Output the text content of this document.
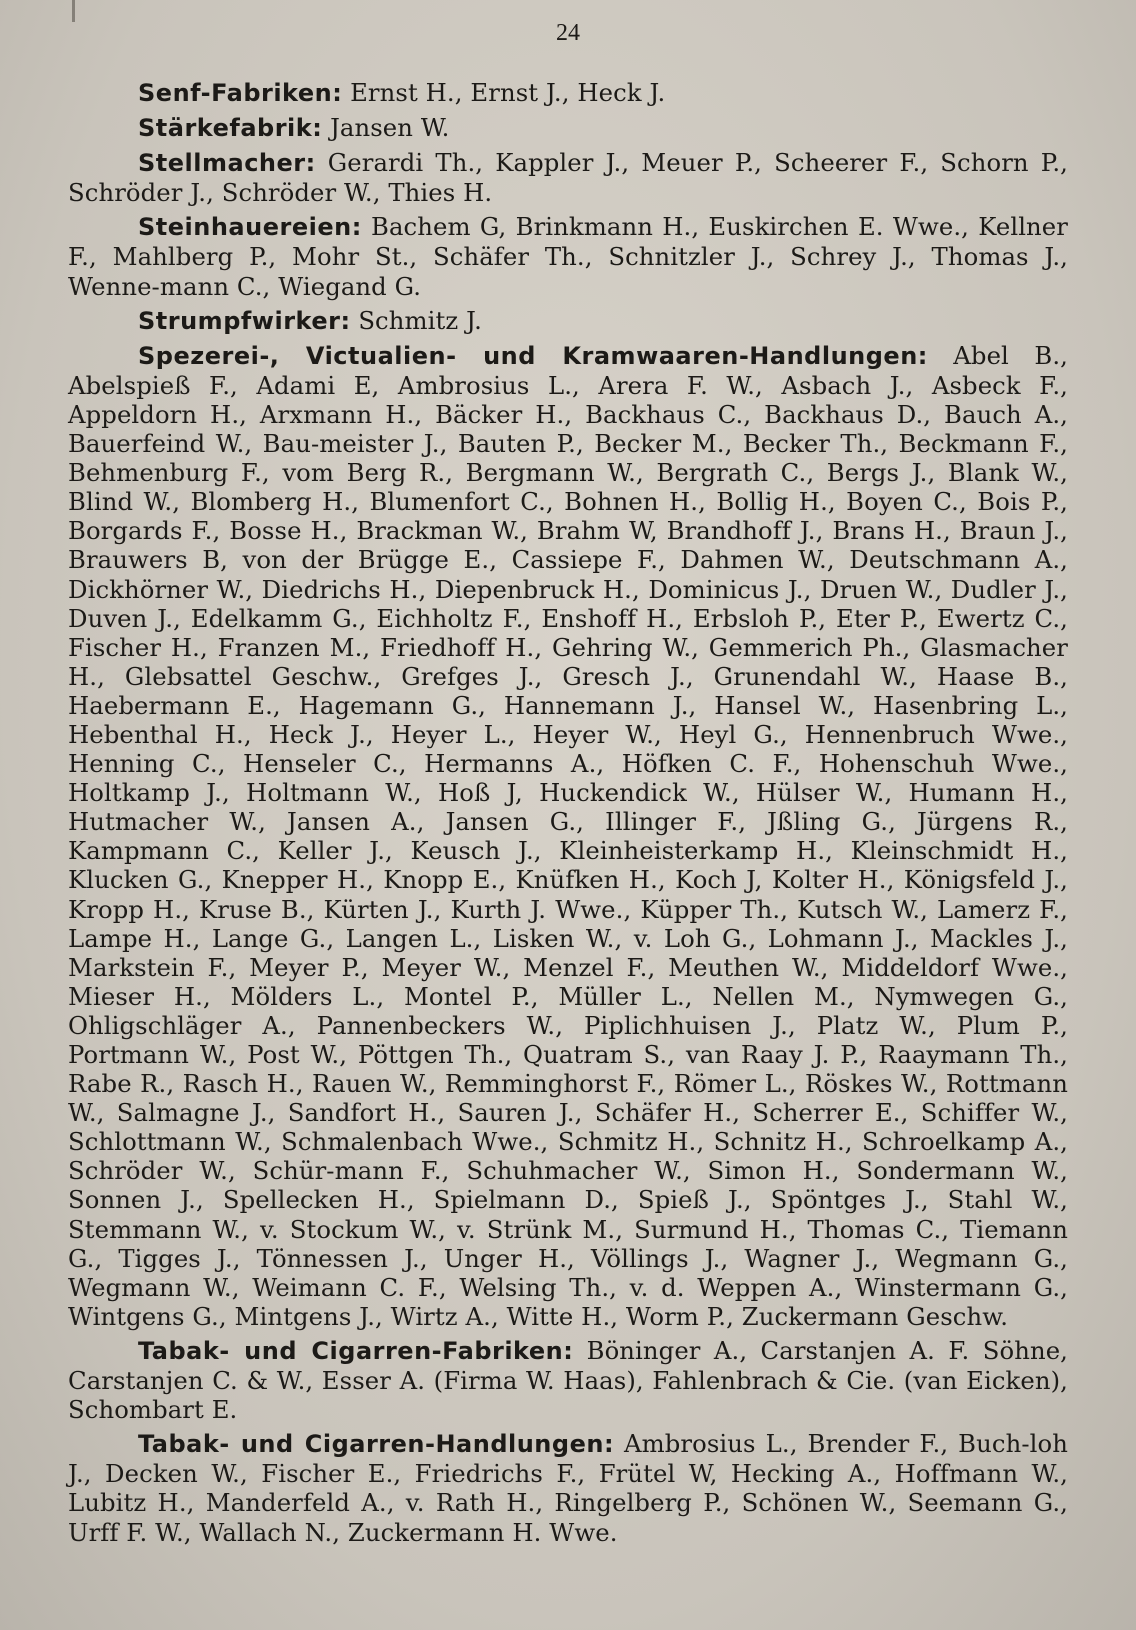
24

Senf-Fabriken: Ernst H., Ernst J., Heck J.

Stärkefabrik: Jansen W.

Stellmacher: Gerardi Th., Kappler J., Meuer P., Scheerer F., Schorn P., Schröder J., Schröder W., Thies H.

Steinhauereien: Bachem G, Brinkmann H., Euskirchen E. Wwe., Kellner F., Mahlberg P., Mohr St., Schäfer Th., Schnitzler J., Schrey J., Thomas J., Wenne-mann C., Wiegand G.

Strumpfwirker: Schmitz J.

Spezerei-, Victualien- und Kramwaaren-Handlungen: Abel B., Abelspieß F., Adami E, Ambrosius L., Arera F. W., Asbach J., Asbeck F., Appeldorn H., Arxmann H., Bäcker H., Backhaus C., Backhaus D., Bauch A., Bauerfeind W., Bau-meister J., Bauten P., Becker M., Becker Th., Beckmann F., Behmenburg F., vom Berg R., Bergmann W., Bergrath C., Bergs J., Blank W., Blind W., Blomberg H., Blumenfort C., Bohnen H., Bollig H., Boyen C., Bois P., Borgards F., Bosse H., Brackman W., Brahm W, Brandhoff J., Brans H., Braun J., Brauwers B, von der Brügge E., Cassiepe F., Dahmen W., Deutschmann A., Dickhörner W., Diedrichs H., Diepenbruck H., Dominicus J., Druen W., Dudler J., Duven J., Edelkamm G., Eichholtz F., Enshoff H., Erbsloh P., Eter P., Ewertz C., Fischer H., Franzen M., Friedhoff H., Gehring W., Gemmerich Ph., Glasmacher H., Glebsattel Geschw., Grefges J., Gresch J., Grunendahl W., Haase B., Haebermann E., Hagemann G., Hannemann J., Hansel W., Hasenbring L., Hebenthal H., Heck J., Heyer L., Heyer W., Heyl G., Hennenbruch Wwe., Henning C., Henseler C., Hermanns A., Höfken C. F., Hohenschuh Wwe., Holtkamp J., Holtmann W., Hoß J, Huckendick W., Hülser W., Humann H., Hutmacher W., Jansen A., Jansen G., Illinger F., Jßling G., Jürgens R., Kampmann C., Keller J., Keusch J., Kleinheisterkamp H., Kleinschmidt H., Klucken G., Knepper H., Knopp E., Knüfken H., Koch J, Kolter H., Königsfeld J., Kropp H., Kruse B., Kürten J., Kurth J. Wwe., Küpper Th., Kutsch W., Lamerz F., Lampe H., Lange G., Langen L., Lisken W., v. Loh G., Lohmann J., Mackles J., Markstein F., Meyer P., Meyer W., Menzel F., Meuthen W., Middeldorf Wwe., Mieser H., Mölders L., Montel P., Müller L., Nellen M., Nymwegen G., Ohligschläger A., Pannenbeckers W., Piplichhuisen J., Platz W., Plum P., Portmann W., Post W., Pöttgen Th., Quatram S., van Raay J. P., Raaymann Th., Rabe R., Rasch H., Rauen W., Remminghorst F., Römer L., Röskes W., Rottmann W., Salmagne J., Sandfort H., Sauren J., Schäfer H., Scherrer E., Schiffer W., Schlottmann W., Schmalenbach Wwe., Schmitz H., Schnitz H., Schroelkamp A., Schröder W., Schür-mann F., Schuhmacher W., Simon H., Sondermann W., Sonnen J., Spellecken H., Spielmann D., Spieß J., Spöntges J., Stahl W., Stemmann W., v. Stockum W., v. Strünk M., Surmund H., Thomas C., Tiemann G., Tigges J., Tönnessen J., Unger H., Völlings J., Wagner J., Wegmann G., Wegmann W., Weimann C. F., Welsing Th., v. d. Weppen A., Winstermann G., Wintgens G., Mintgens J., Wirtz A., Witte H., Worm P., Zuckermann Geschw.

Tabak- und Cigarren-Fabriken: Böninger A., Carstanjen A. F. Söhne, Carstanjen C. & W., Esser A. (Firma W. Haas), Fahlenbrach & Cie. (van Eicken), Schombart E.

Tabak- und Cigarren-Handlungen: Ambrosius L., Brender F., Buch-loh J., Decken W., Fischer E., Friedrichs F., Frütel W, Hecking A., Hoffmann W., Lubitz H., Manderfeld A., v. Rath H., Ringelberg P., Schönen W., Seemann G., Urff F. W., Wallach N., Zuckermann H. Wwe.
